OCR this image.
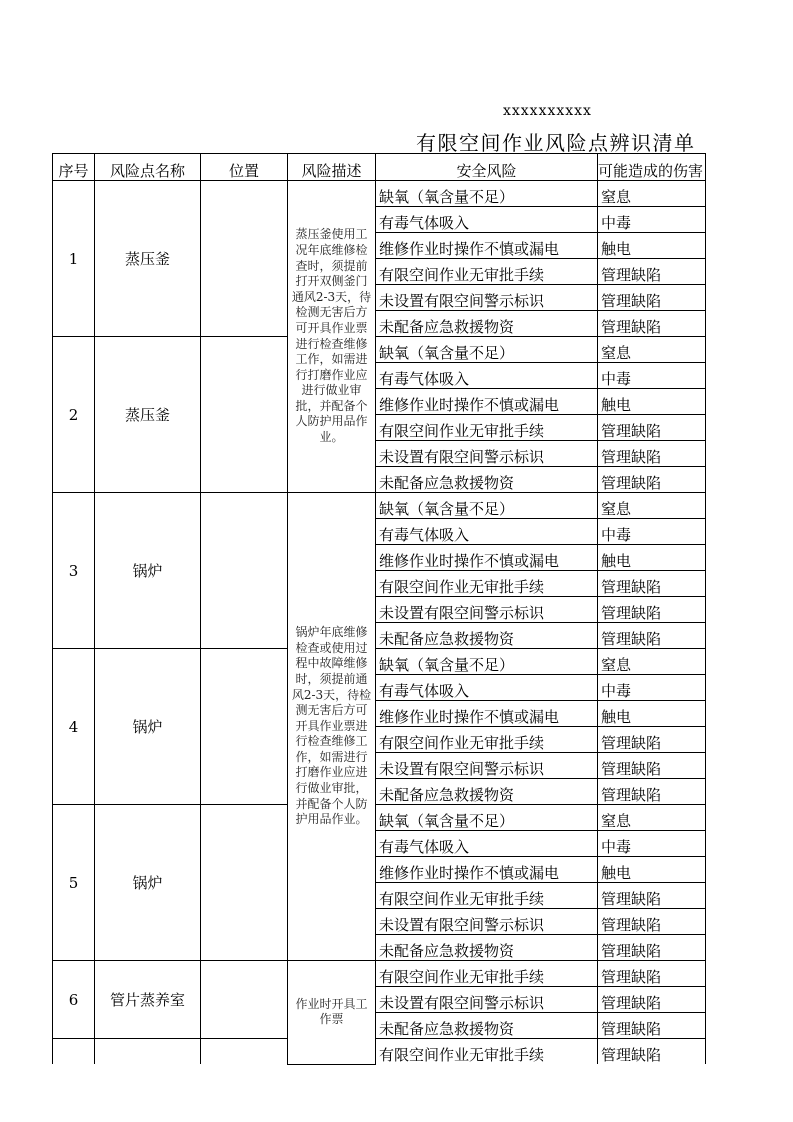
xxxxxxxxxx
有限空间作业风险点辨识清单
序号	风险点名称	位置	风险描述	安全风险	可能造成的伤害
1	蒸压釜		蒸压釜使用工况年底维修检查时，须提前打开双侧釜门通风2-3天，待检测无害后方可开具作业票进行检查维修工作，如需进行打磨作业应进行做业审批，并配备个人防护用品作业。	缺氧（氧含量不足）	窒息
				有毒气体吸入	中毒
				维修作业时操作不慎或漏电	触电
				有限空间作业无审批手续	管理缺陷
				未设置有限空间警示标识	管理缺陷
				未配备应急救援物资	管理缺陷
2	蒸压釜			缺氧（氧含量不足）	窒息
				有毒气体吸入	中毒
				维修作业时操作不慎或漏电	触电
				有限空间作业无审批手续	管理缺陷
				未设置有限空间警示标识	管理缺陷
				未配备应急救援物资	管理缺陷
3	锅炉		锅炉年底维修检查或使用过程中故障维修时，须提前通风2-3天，待检测无害后方可开具作业票进行检查维修工作，如需进行打磨作业应进行做业审批，并配备个人防护用品作业。	缺氧（氧含量不足）	窒息
				有毒气体吸入	中毒
				维修作业时操作不慎或漏电	触电
				有限空间作业无审批手续	管理缺陷
				未设置有限空间警示标识	管理缺陷
				未配备应急救援物资	管理缺陷
4	锅炉			缺氧（氧含量不足）	窒息
				有毒气体吸入	中毒
				维修作业时操作不慎或漏电	触电
				有限空间作业无审批手续	管理缺陷
				未设置有限空间警示标识	管理缺陷
				未配备应急救援物资	管理缺陷
5	锅炉			缺氧（氧含量不足）	窒息
				有毒气体吸入	中毒
				维修作业时操作不慎或漏电	触电
				有限空间作业无审批手续	管理缺陷
				未设置有限空间警示标识	管理缺陷
				未配备应急救援物资	管理缺陷
6	管片蒸养室		作业时开具工作票	有限空间作业无审批手续	管理缺陷
				未设置有限空间警示标识	管理缺陷
				未配备应急救援物资	管理缺陷
				有限空间作业无审批手续	管理缺陷
